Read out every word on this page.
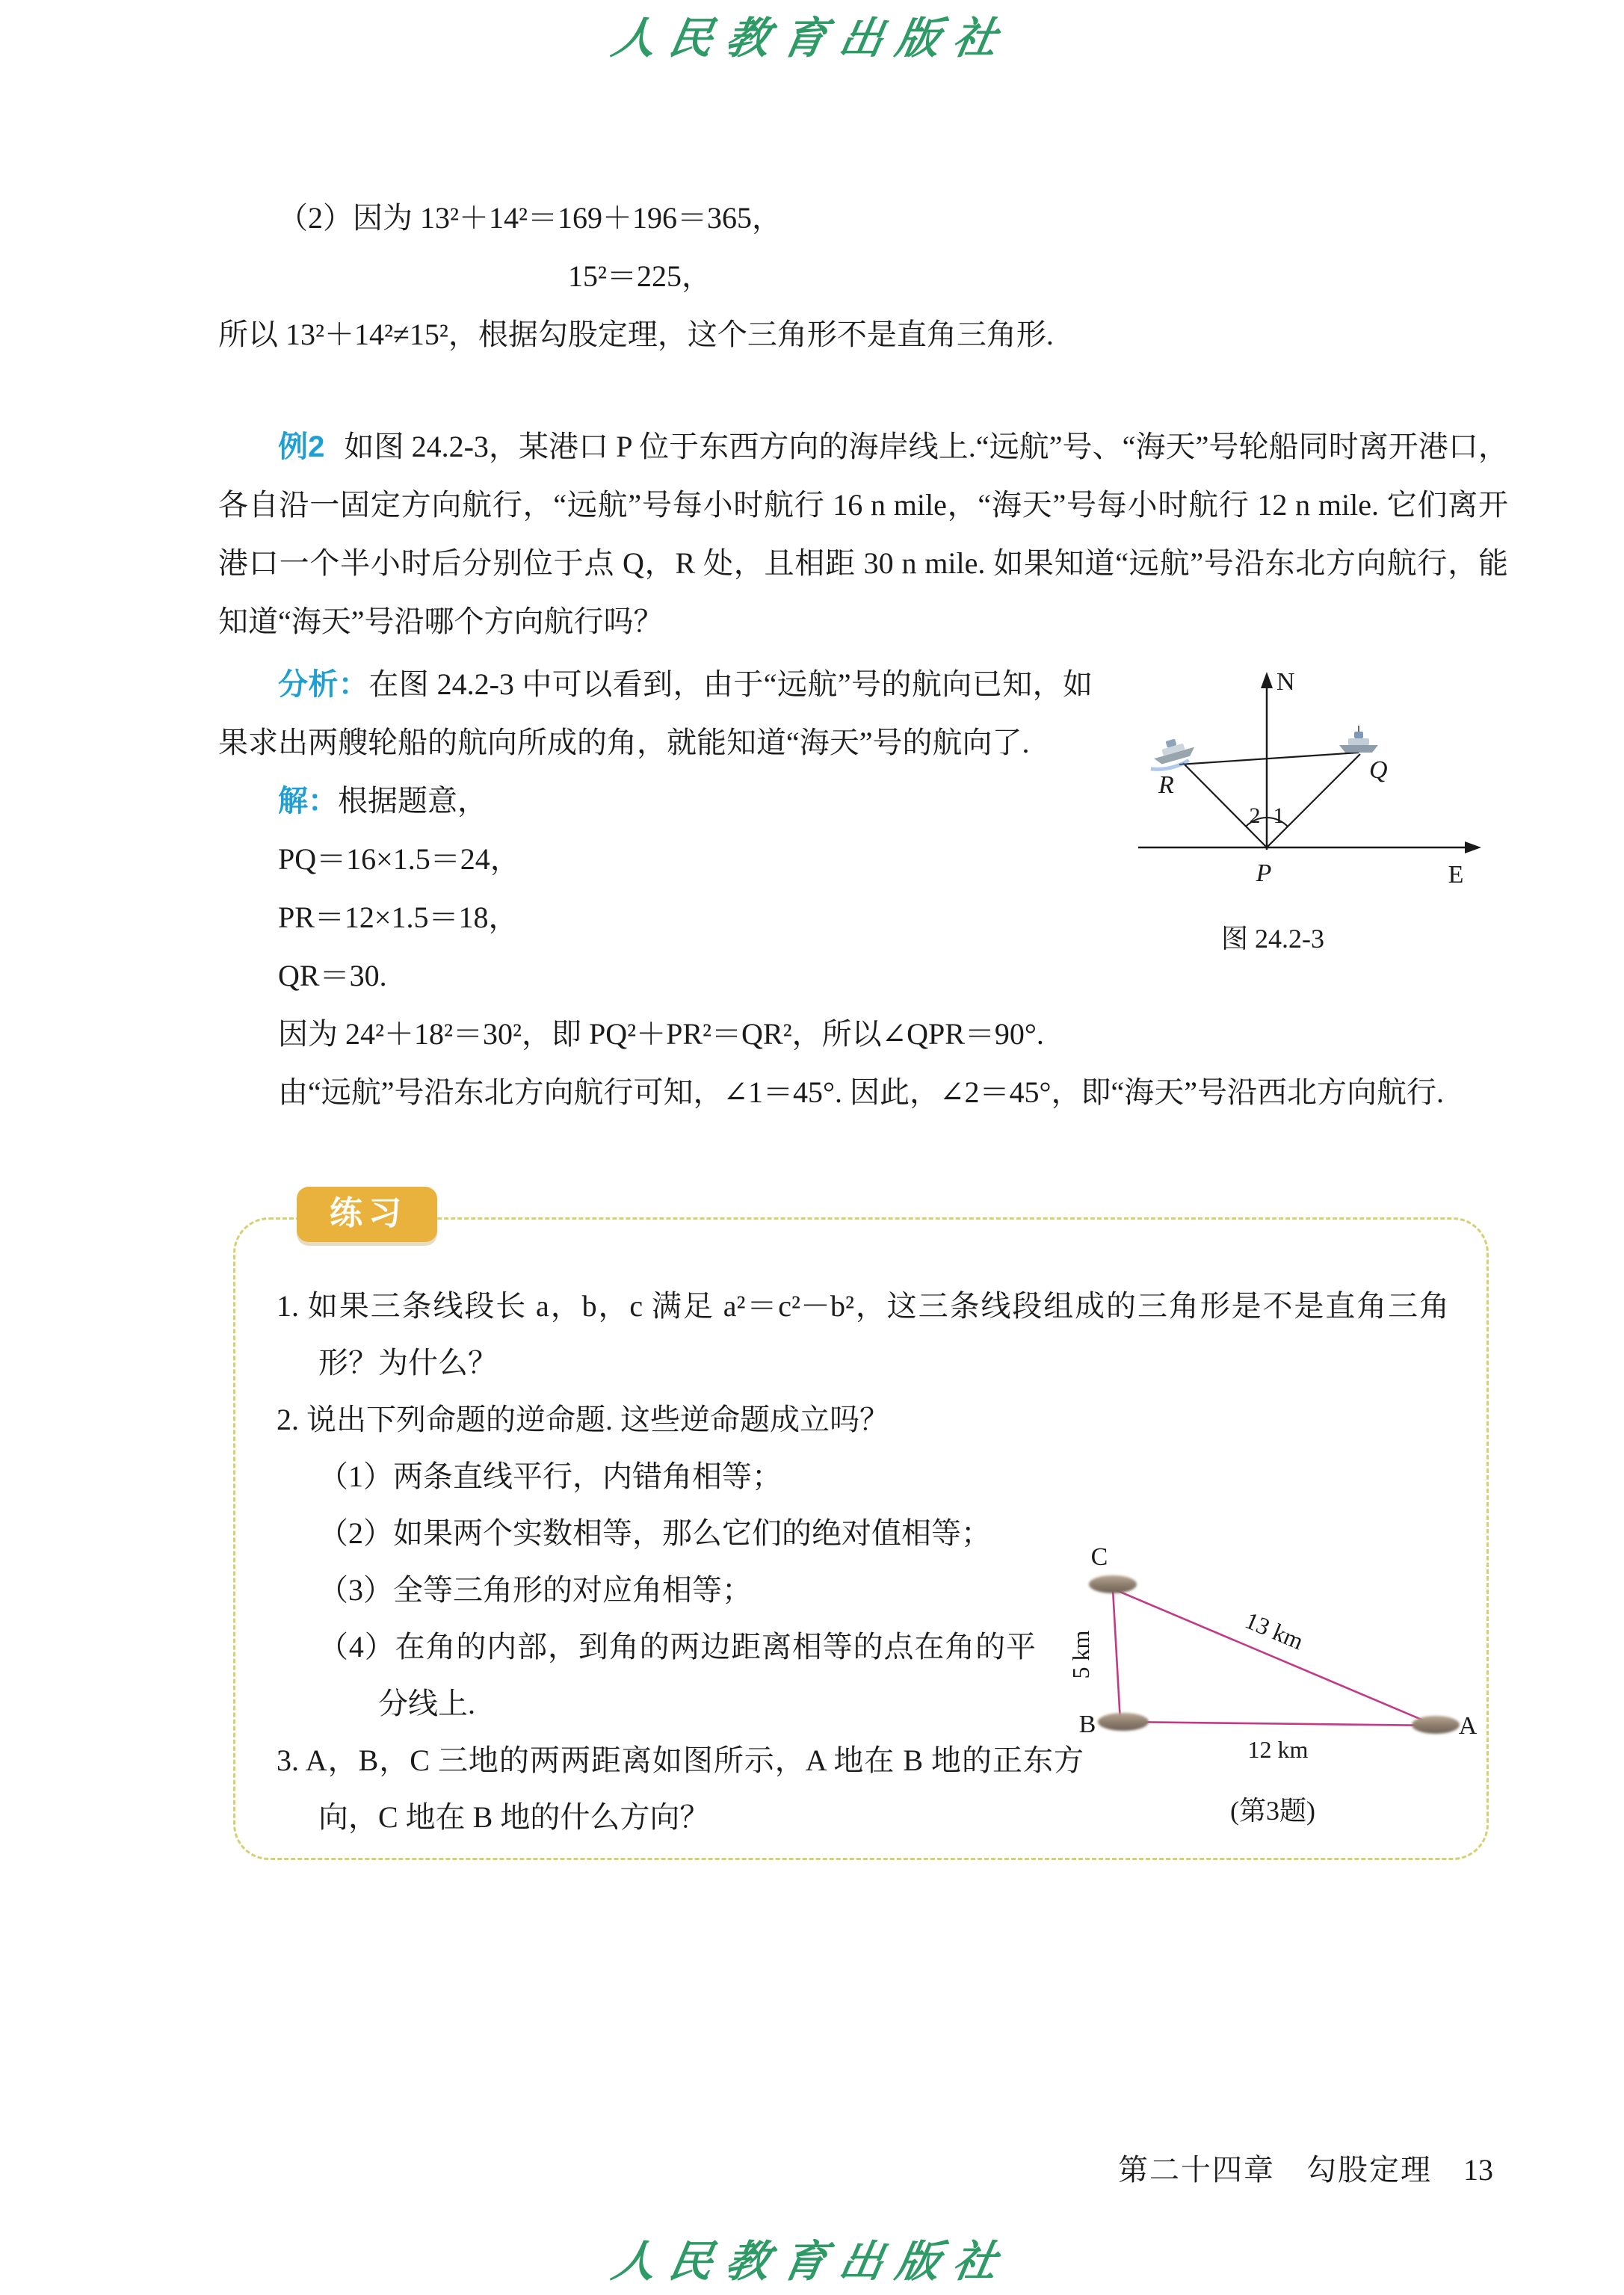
人民教育出版社

（2）因为 13²＋14²＝169＋196＝365，

15²＝225，

所以 13²＋14²≠15²，根据勾股定理，这个三角形不是直角三角形.

例2 如图 24.2-3，某港口 P 位于东西方向的海岸线上.“远航”号、“海天”号轮船同时离开港口，各自沿一固定方向航行，“远航”号每小时航行 16 n mile，“海天”号每小时航行 12 n mile. 它们离开港口一个半小时后分别位于点 Q，R 处，且相距 30 n mile. 如果知道“远航”号沿东北方向航行，能知道“海天”号沿哪个方向航行吗？

1
2
N
E
P
Q
R
图 24.2-3

分析：在图 24.2-3 中可以看到，由于“远航”号的航向已知，如果求出两艘轮船的航向所成的角，就能知道“海天”号的航向了.

解：根据题意，

PQ＝16×1.5＝24，
PR＝12×1.5＝18，
QR＝30.

因为 24²＋18²＝30²，即 PQ²＋PR²＝QR²，所以∠QPR＝90°.

由“远航”号沿东北方向航行可知，∠1＝45°. 因此，∠2＝45°，即“海天”号沿西北方向航行.

练习
1. 如果三条线段长 a，b，c 满足 a²＝c²－b²，这三条线段组成的三角形是不是直角三角形？为什么？
2. 说出下列命题的逆命题. 这些逆命题成立吗？
（1）两条直线平行，内错角相等；
（2）如果两个实数相等，那么它们的绝对值相等；
（3）全等三角形的对应角相等；
（4）在角的内部，到角的两边距离相等的点在角的平分线上.
3. A，B，C 三地的两两距离如图所示，A 地在 B 地的正东方向，C 地在 B 地的什么方向？
C
B	A
5 km	13 km
12 km
(第3题)
第二十四章　勾股定理 13
人民教育出版社
